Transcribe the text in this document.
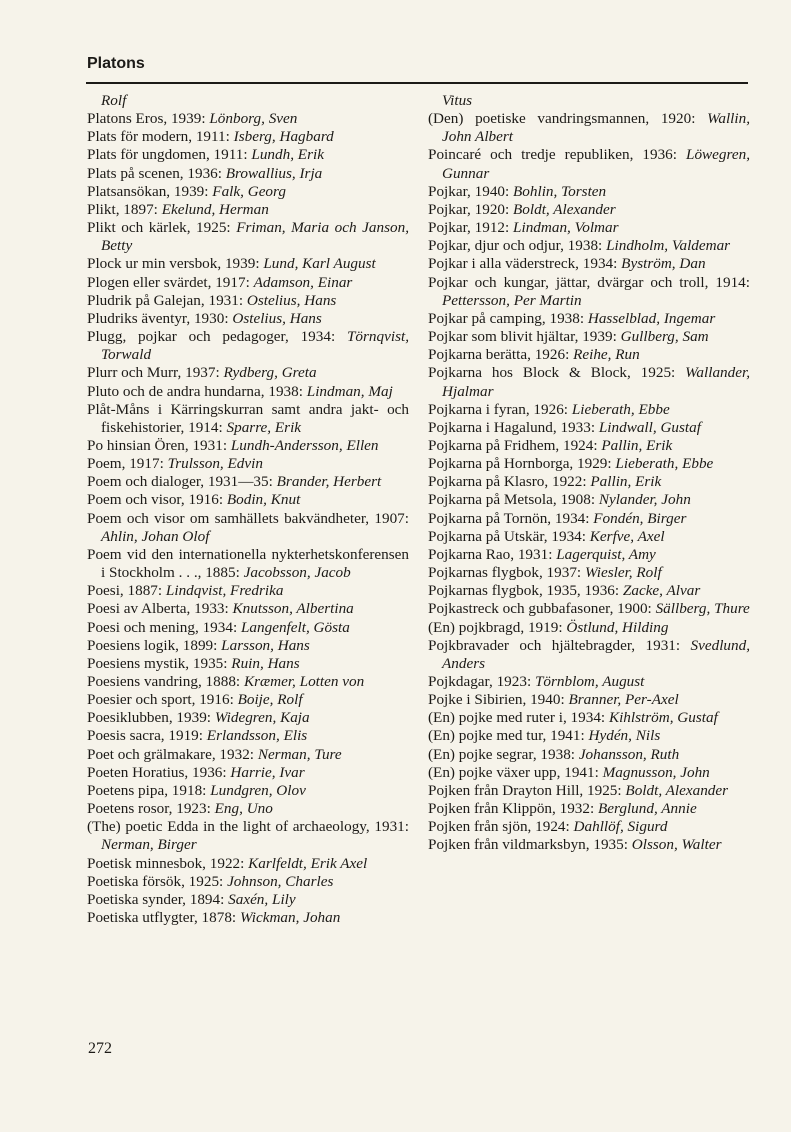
Platons

Rolf

Platons Eros, 1939: Lönborg, Sven

Plats för modern, 1911: Isberg, Hagbard

Plats för ungdomen, 1911: Lundh, Erik

Plats på scenen, 1936: Browallius, Irja

Platsansökan, 1939: Falk, Georg

Plikt, 1897: Ekelund, Herman

Plikt och kärlek, 1925: Friman, Maria och Janson, Betty

Plock ur min versbok, 1939: Lund, Karl August

Plogen eller svärdet, 1917: Adamson, Einar

Pludrik på Galejan, 1931: Ostelius, Hans

Pludriks äventyr, 1930: Ostelius, Hans

Plugg, pojkar och pedagoger, 1934: Törnqvist, Torwald

Plurr och Murr, 1937: Rydberg, Greta

Pluto och de andra hundarna, 1938: Lindman, Maj

Plåt-Måns i Kärringskurran samt andra jakt- och fiskehistorier, 1914: Sparre, Erik

Po hinsian Ören, 1931: Lundh-Andersson, Ellen

Poem, 1917: Trulsson, Edvin

Poem och dialoger, 1931—35: Brander, Herbert

Poem och visor, 1916: Bodin, Knut

Poem och visor om samhällets bakvändheter, 1907: Ahlin, Johan Olof

Poem vid den internationella nykterhetskonferensen i Stockholm . . ., 1885: Jacobsson, Jacob

Poesi, 1887: Lindqvist, Fredrika

Poesi av Alberta, 1933: Knutsson, Albertina

Poesi och mening, 1934: Langenfelt, Gösta

Poesiens logik, 1899: Larsson, Hans

Poesiens mystik, 1935: Ruin, Hans

Poesiens vandring, 1888: Kræmer, Lotten von

Poesier och sport, 1916: Boije, Rolf

Poesiklubben, 1939: Widegren, Kaja

Poesis sacra, 1919: Erlandsson, Elis

Poet och grälmakare, 1932: Nerman, Ture

Poeten Horatius, 1936: Harrie, Ivar

Poetens pipa, 1918: Lundgren, Olov

Poetens rosor, 1923: Eng, Uno

(The) poetic Edda in the light of archaeology, 1931: Nerman, Birger

Poetisk minnesbok, 1922: Karlfeldt, Erik Axel

Poetiska försök, 1925: Johnson, Charles

Poetiska synder, 1894: Saxén, Lily

Poetiska utflygter, 1878: Wickman, Johan

Vitus

(Den) poetiske vandringsmannen, 1920: Wallin, John Albert

Poincaré och tredje republiken, 1936: Löwegren, Gunnar

Pojkar, 1940: Bohlin, Torsten

Pojkar, 1920: Boldt, Alexander

Pojkar, 1912: Lindman, Volmar

Pojkar, djur och odjur, 1938: Lindholm, Valdemar

Pojkar i alla väderstreck, 1934: Byström, Dan

Pojkar och kungar, jättar, dvärgar och troll, 1914: Pettersson, Per Martin

Pojkar på camping, 1938: Hasselblad, Ingemar

Pojkar som blivit hjältar, 1939: Gullberg, Sam

Pojkarna berätta, 1926: Reihe, Run

Pojkarna hos Block & Block, 1925: Wallander, Hjalmar

Pojkarna i fyran, 1926: Lieberath, Ebbe

Pojkarna i Hagalund, 1933: Lindwall, Gustaf

Pojkarna på Fridhem, 1924: Pallin, Erik

Pojkarna på Hornborga, 1929: Lieberath, Ebbe

Pojkarna på Klasro, 1922: Pallin, Erik

Pojkarna på Metsola, 1908: Nylander, John

Pojkarna på Tornön, 1934: Fondén, Birger

Pojkarna på Utskär, 1934: Kerfve, Axel

Pojkarna Rao, 1931: Lagerquist, Amy

Pojkarnas flygbok, 1937: Wiesler, Rolf

Pojkarnas flygbok, 1935, 1936: Zacke, Alvar

Pojkastreck och gubbafasoner, 1900: Sällberg, Thure

(En) pojkbragd, 1919: Östlund, Hilding

Pojkbravader och hjältebragder, 1931: Svedlund, Anders

Pojkdagar, 1923: Törnblom, August

Pojke i Sibirien, 1940: Branner, Per-Axel

(En) pojke med ruter i, 1934: Kihlström, Gustaf

(En) pojke med tur, 1941: Hydén, Nils

(En) pojke segrar, 1938: Johansson, Ruth

(En) pojke växer upp, 1941: Magnusson, John

Pojken från Drayton Hill, 1925: Boldt, Alexander

Pojken från Klippön, 1932: Berglund, Annie

Pojken från sjön, 1924: Dahllöf, Sigurd

Pojken från vildmarksbyn, 1935: Olsson, Walter

272
